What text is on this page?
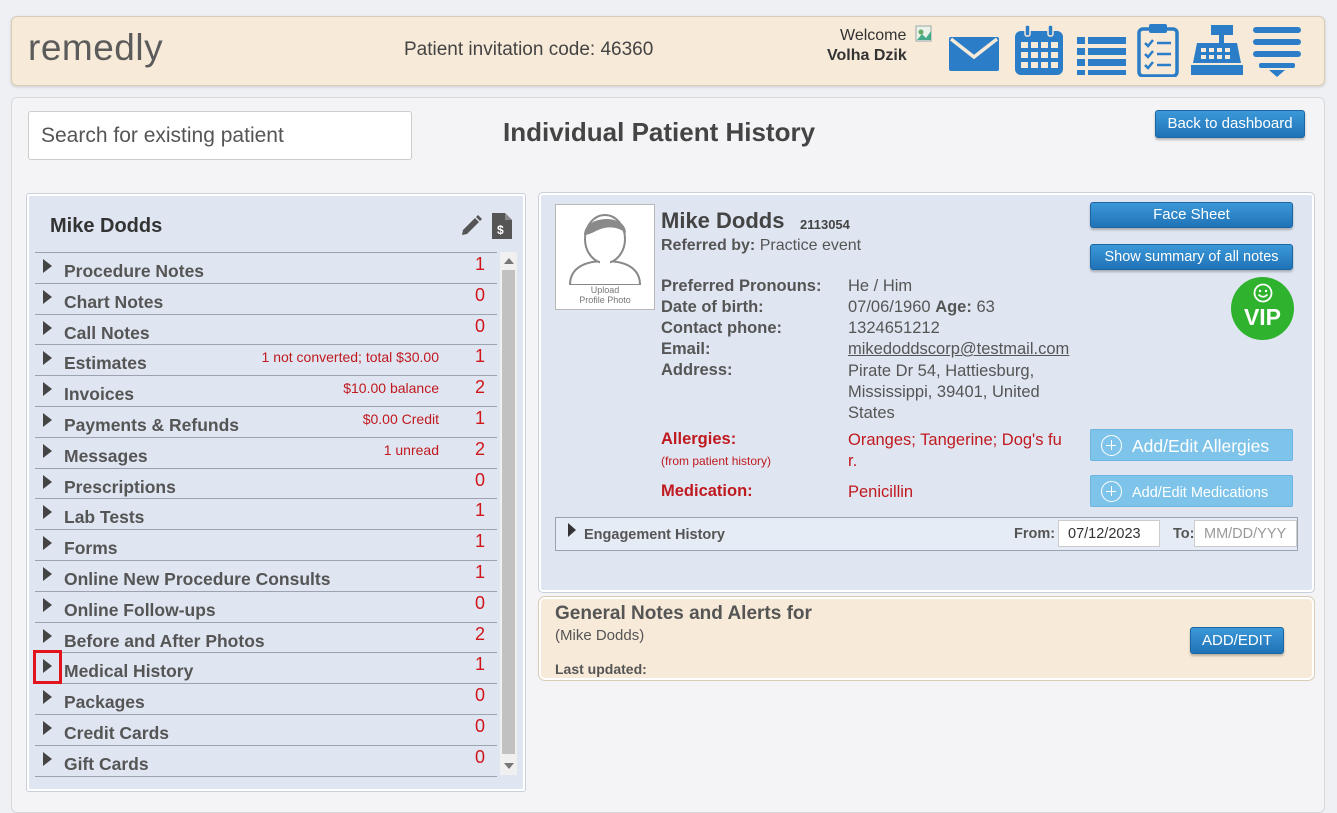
remedly	Patient invitation code: 46360
Welcome
Volha Dzik
Search for existing patient
Individual Patient History	Back to dashboard
Mike Dodds	$
Procedure Notes	1
Chart Notes	0
Call Notes	0
Estimates	1 not converted; total $30.00 1
Invoices	$10.00 balance 2
Payments & Refunds	$0.00 Credit 1
Messages	1 unread 2
Prescriptions	0
Lab Tests	1
Forms	1
Online New Procedure Consults	1
Online Follow-ups	0
Before and After Photos	2
Medical History	1
Packages	0
Credit Cards	0
Gift Cards	0
Upload
Profile Photo
Mike Dodds 2113054
Referred by: Practice event
Preferred Pronouns: He / Him
Date of birth:	07/06/1960 Age: 63
Contact phone:	1324651212
Email:	mikedoddscorp@testmail.com
Address:	Pirate Dr 54, Hattiesburg,
Mississippi, 39401, United
States
Allergies:
(from patient history)
Oranges; Tangerine; Dog's fu
r.
Medication:	Penicillin
Face Sheet
Show summary of all notes
VIP
Add/Edit Allergies
Add/Edit Medications
Engagement History	From:
07/12/2023	To:
MM/DD/YYYY
General Notes and Alerts for
(Mike Dodds)
Last updated:
ADD/EDIT
